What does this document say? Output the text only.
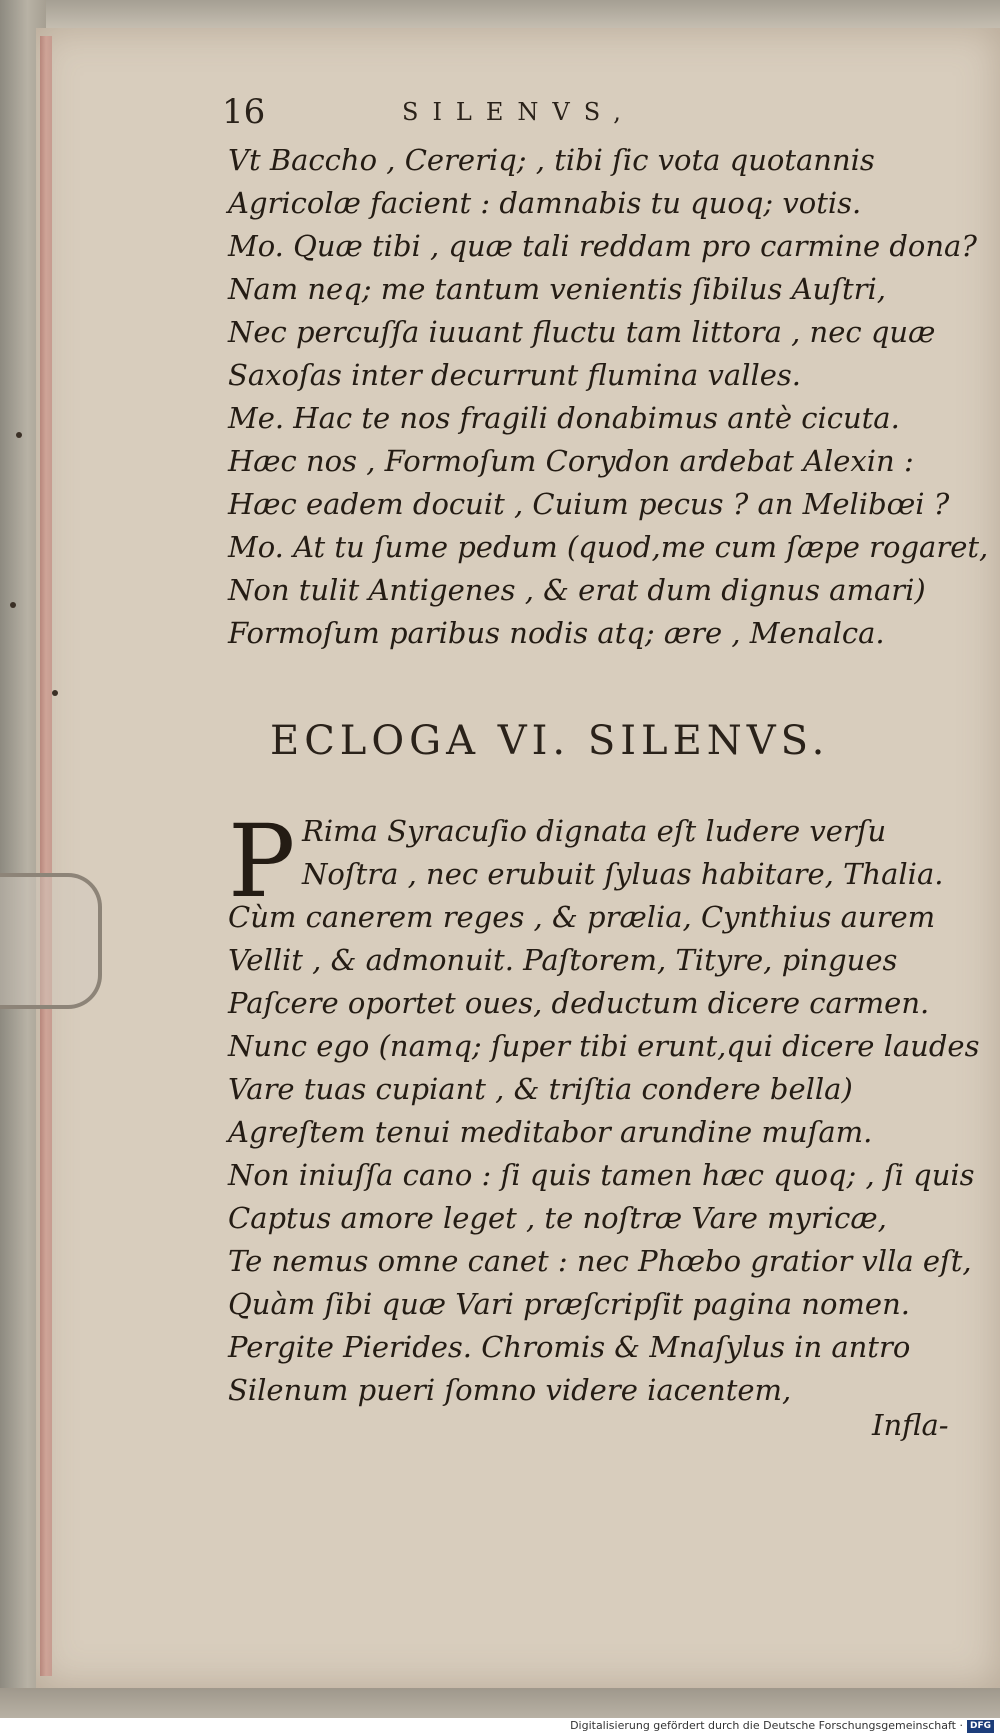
16	SILENVS,
Vt Baccho , Cereriq; , tibi ſic vota quotannis
Agricolæ facient : damnabis tu quoq; votis.
Mo. Quæ tibi , quæ tali reddam pro carmine dona?
Nam neq; me tantum venientis ſibilus Auſtri,
Nec percuſſa iuuant fluctu tam littora , nec quæ
Saxoſas inter decurrunt flumina valles.
Me. Hac te nos fragili donabimus antè cicuta.
Hæc nos , Formoſum Corydon ardebat Alexin :
Hæc eadem docuit , Cuium pecus ? an Melibœi ?
Mo. At tu ſume pedum (quod,me cum ſæpe rogaret,
Non tulit Antigenes , & erat dum dignus amari)
Formoſum paribus nodis atq; ære , Menalca.
ECLOGA VI. SILENVS.
P Rima Syracuſio dignata eſt ludere verſu
Noſtra , nec erubuit ſyluas habitare, Thalia.
Cùm canerem reges , & prælia, Cynthius aurem
Vellit , & admonuit. Paſtorem, Tityre, pingues
Paſcere oportet oues, deductum dicere carmen.
Nunc ego (namq; ſuper tibi erunt,qui dicere laudes
Vare tuas cupiant , & triſtia condere bella)
Agreſtem tenui meditabor arundine muſam.
Non iniuſſa cano : ſi quis tamen hæc quoq; , ſi quis
Captus amore leget , te noſtræ Vare myricæ,
Te nemus omne canet : nec Phœbo gratior vlla eſt,
Quàm ſibi quæ Vari præſcripſit pagina nomen.
Pergite Pierides. Chromis & Mnaſylus in antro
Silenum pueri ſomno videre iacentem,
Infla-
Digitalisierung gefördert durch die Deutsche Forschungsgemeinschaft · DFG
